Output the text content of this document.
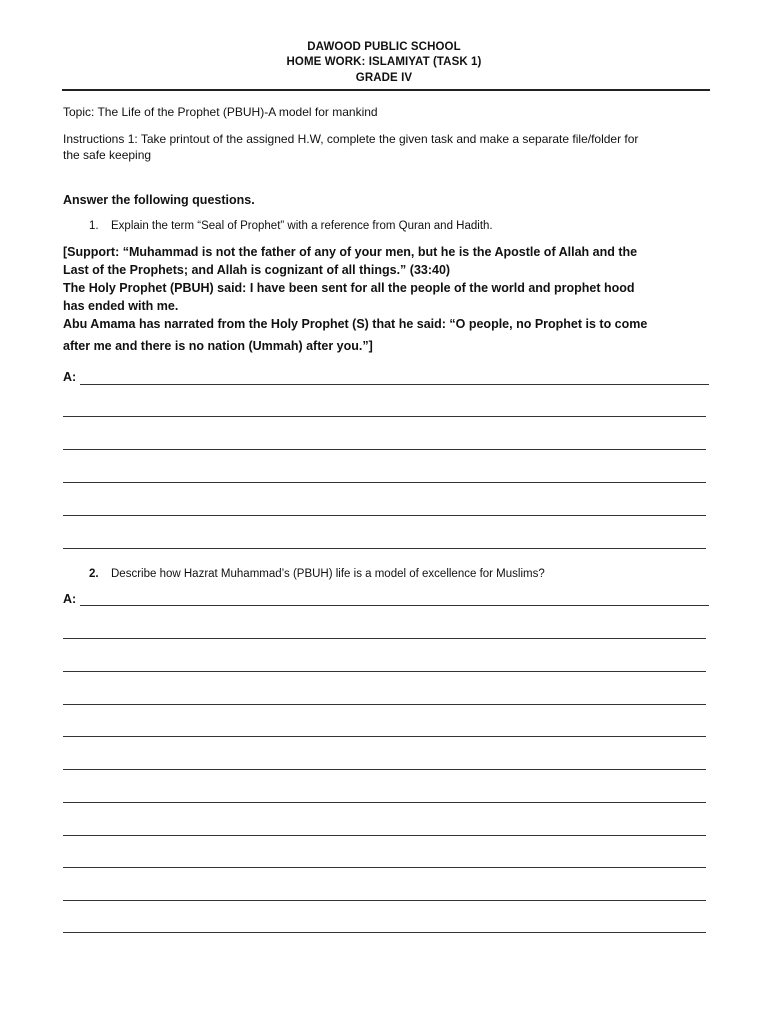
DAWOOD PUBLIC SCHOOL
HOME WORK: ISLAMIYAT (TASK 1)
GRADE IV
Topic: The Life of the Prophet (PBUH)-A model for mankind
Instructions 1: Take printout of the assigned H.W, complete the given task and make a separate file/folder for
the safe keeping
Answer the following questions.
1. Explain the term “Seal of Prophet” with a reference from Quran and Hadith.
[Support: “Muhammad is not the father of any of your men, but he is the Apostle of Allah and the
Last of the Prophets; and Allah is cognizant of all things.” (33:40)
The Holy Prophet (PBUH) said: I have been sent for all the people of the world and prophet hood
has ended with me.
Abu Amama has narrated from the Holy Prophet (S) that he said: “O people, no Prophet is to come
after me and there is no nation (Ummah) after you.”]
A:
2. Describe how Hazrat Muhammad’s (PBUH) life is a model of excellence for Muslims?
A:
